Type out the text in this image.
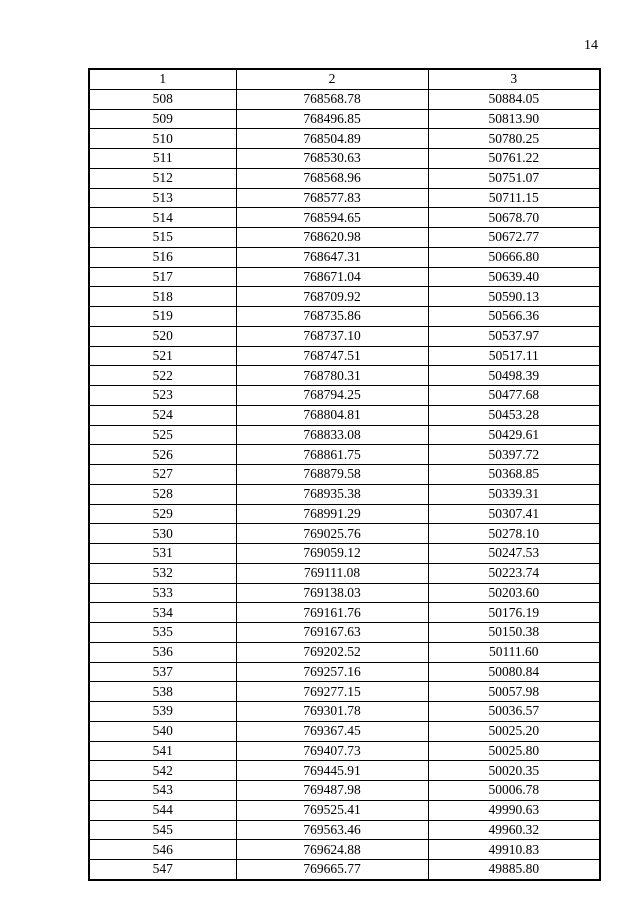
14
1	2	3
508	768568.78	50884.05
509	768496.85	50813.90
510	768504.89	50780.25
511	768530.63	50761.22
512	768568.96	50751.07
513	768577.83	50711.15
514	768594.65	50678.70
515	768620.98	50672.77
516	768647.31	50666.80
517	768671.04	50639.40
518	768709.92	50590.13
519	768735.86	50566.36
520	768737.10	50537.97
521	768747.51	50517.11
522	768780.31	50498.39
523	768794.25	50477.68
524	768804.81	50453.28
525	768833.08	50429.61
526	768861.75	50397.72
527	768879.58	50368.85
528	768935.38	50339.31
529	768991.29	50307.41
530	769025.76	50278.10
531	769059.12	50247.53
532	769111.08	50223.74
533	769138.03	50203.60
534	769161.76	50176.19
535	769167.63	50150.38
536	769202.52	50111.60
537	769257.16	50080.84
538	769277.15	50057.98
539	769301.78	50036.57
540	769367.45	50025.20
541	769407.73	50025.80
542	769445.91	50020.35
543	769487.98	50006.78
544	769525.41	49990.63
545	769563.46	49960.32
546	769624.88	49910.83
547	769665.77	49885.80
